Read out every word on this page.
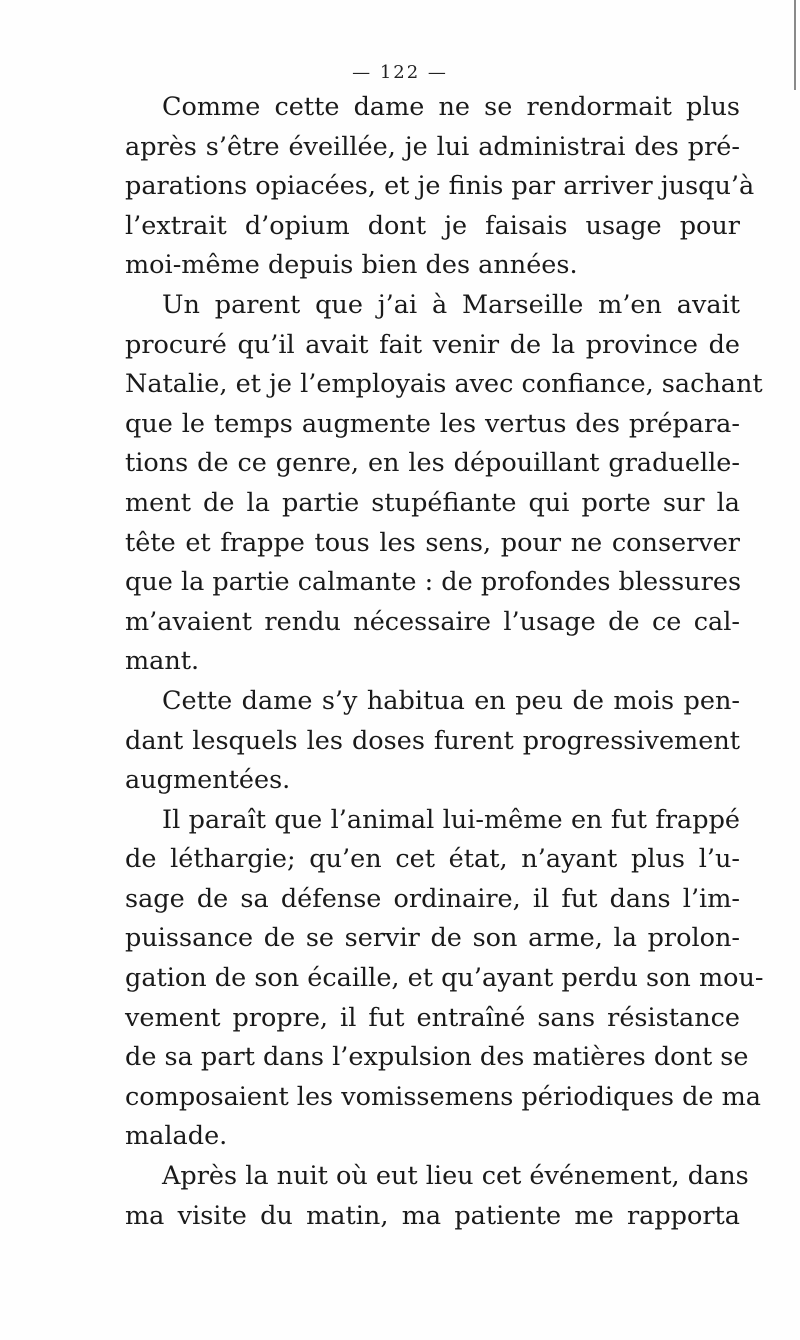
— 122 —
Comme cette dame ne se rendormait plus
après s’être éveillée, je lui administrai des pré-
parations opiacées, et je finis par arriver jusqu’à
l’extrait d’opium dont je faisais usage pour
moi-même depuis bien des années.
Un parent que j’ai à Marseille m’en avait
procuré qu’il avait fait venir de la province de
Natalie, et je l’employais avec confiance, sachant
que le temps augmente les vertus des prépara-
tions de ce genre, en les dépouillant graduelle-
ment de la partie stupéfiante qui porte sur la
tête et frappe tous les sens, pour ne conserver
que la partie calmante : de profondes blessures
m’avaient rendu nécessaire l’usage de ce cal-
mant.
Cette dame s’y habitua en peu de mois pen-
dant lesquels les doses furent progressivement
augmentées.
Il paraît que l’animal lui-même en fut frappé
de léthargie; qu’en cet état, n’ayant plus l’u-
sage de sa défense ordinaire, il fut dans l’im-
puissance de se servir de son arme, la prolon-
gation de son écaille, et qu’ayant perdu son mou-
vement propre, il fut entraîné sans résistance
de sa part dans l’expulsion des matières dont se
composaient les vomissemens périodiques de ma
malade.
Après la nuit où eut lieu cet événement, dans
ma visite du matin, ma patiente me rapporta
